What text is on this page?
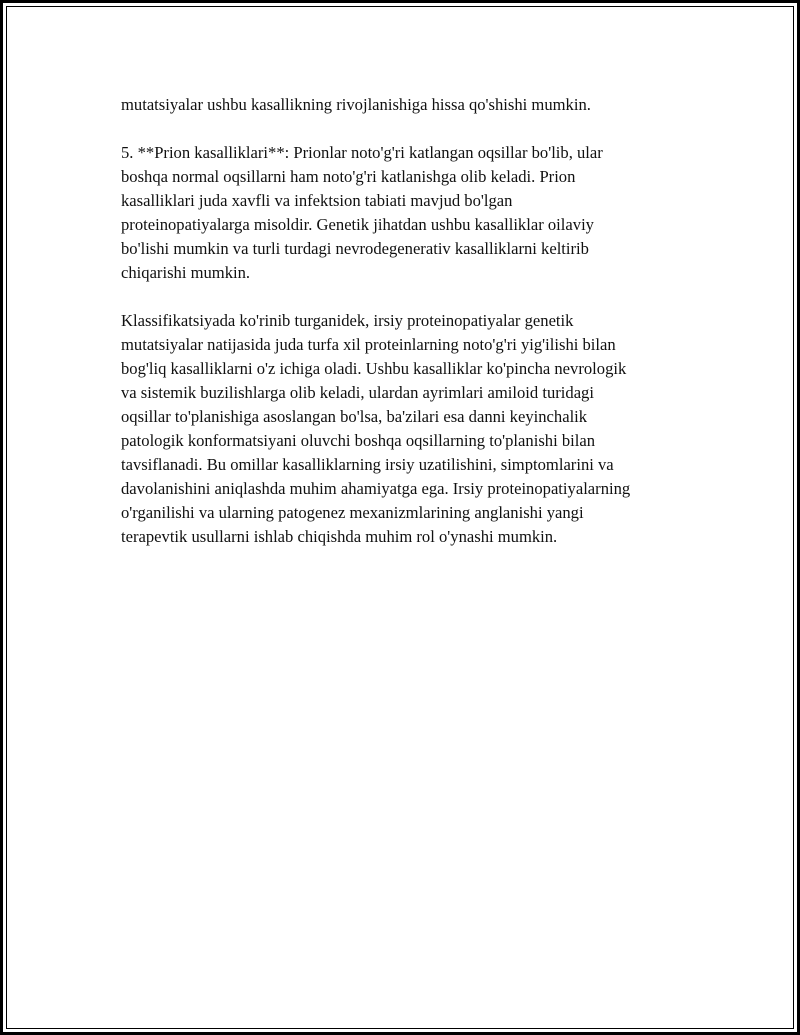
mutatsiyalar ushbu kasallikning rivojlanishiga hissa qo'shishi mumkin.

5. **Prion kasalliklari**: Prionlar noto'g'ri katlangan oqsillar bo'lib, ular
boshqa normal oqsillarni ham noto'g'ri katlanishga olib keladi. Prion
kasalliklari juda xavfli va infektsion tabiati mavjud bo'lgan
proteinopatiyalarga misoldir. Genetik jihatdan ushbu kasalliklar oilaviy
bo'lishi mumkin va turli turdagi nevrodegenerativ kasalliklarni keltirib
chiqarishi mumkin.

Klassifikatsiyada ko'rinib turganidek, irsiy proteinopatiyalar genetik
mutatsiyalar natijasida juda turfa xil proteinlarning noto'g'ri yig'ilishi bilan
bog'liq kasalliklarni o'z ichiga oladi. Ushbu kasalliklar ko'pincha nevrologik
va sistemik buzilishlarga olib keladi, ulardan ayrimlari amiloid turidagi
oqsillar to'planishiga asoslangan bo'lsa, ba'zilari esa danni keyinchalik
patologik konformatsiyani oluvchi boshqa oqsillarning to'planishi bilan
tavsiflanadi. Bu omillar kasalliklarning irsiy uzatilishini, simptomlarini va
davolanishini aniqlashda muhim ahamiyatga ega. Irsiy proteinopatiyalarning
o'rganilishi va ularning patogenez mexanizmlarining anglanishi yangi
terapevtik usullarni ishlab chiqishda muhim rol o'ynashi mumkin.
